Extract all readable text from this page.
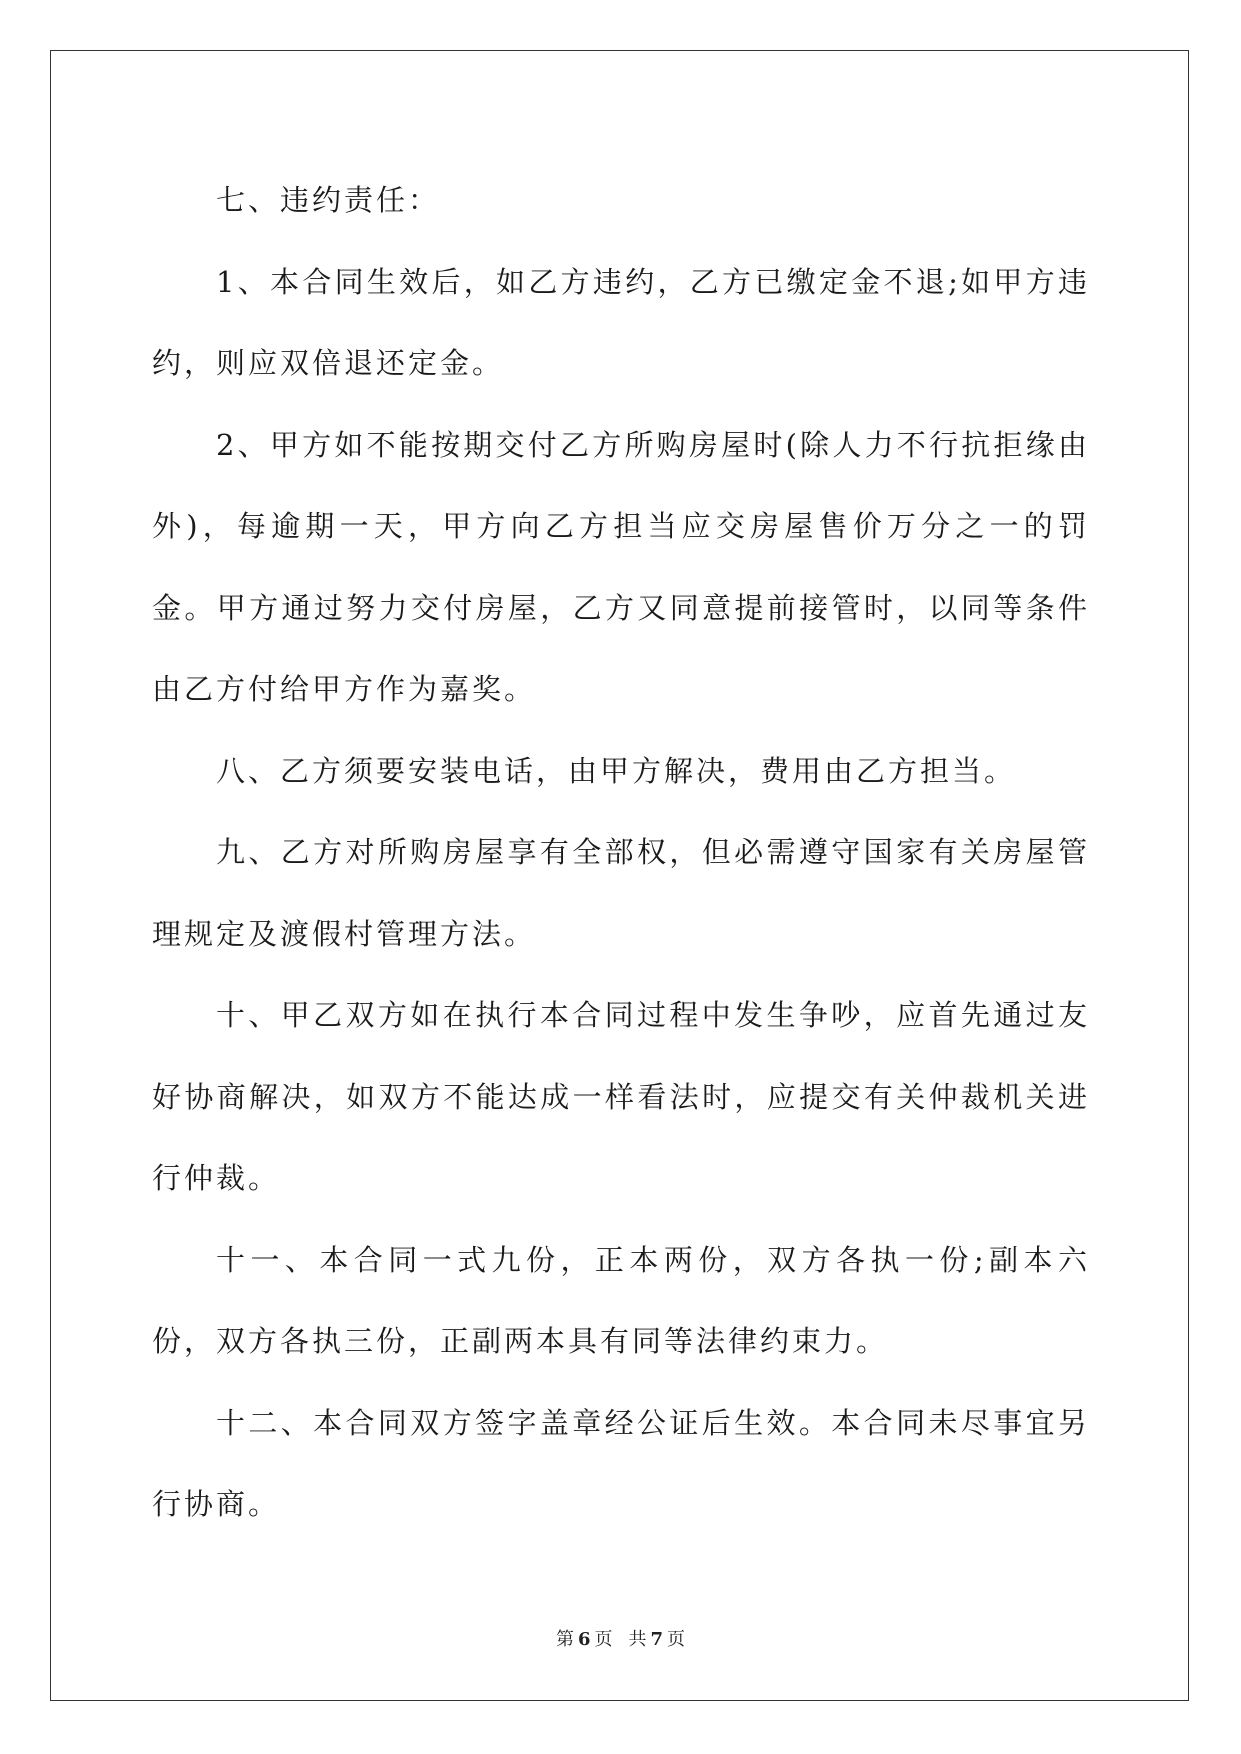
七、违约责任：

1、本合同生效后，如乙方违约，乙方已缴定金不退;如甲方违约，则应双倍退还定金。

2、甲方如不能按期交付乙方所购房屋时(除人力不行抗拒缘由外)，每逾期一天，甲方向乙方担当应交房屋售价万分之一的罚金。甲方通过努力交付房屋，乙方又同意提前接管时，以同等条件由乙方付给甲方作为嘉奖。

八、乙方须要安装电话，由甲方解决，费用由乙方担当。

九、乙方对所购房屋享有全部权，但必需遵守国家有关房屋管理规定及渡假村管理方法。

十、甲乙双方如在执行本合同过程中发生争吵，应首先通过友好协商解决，如双方不能达成一样看法时，应提交有关仲裁机关进行仲裁。

十一、本合同一式九份，正本两份，双方各执一份;副本六份，双方各执三份，正副两本具有同等法律约束力。

十二、本合同双方签字盖章经公证后生效。本合同未尽事宜另行协商。

第 6 页 共 7 页
